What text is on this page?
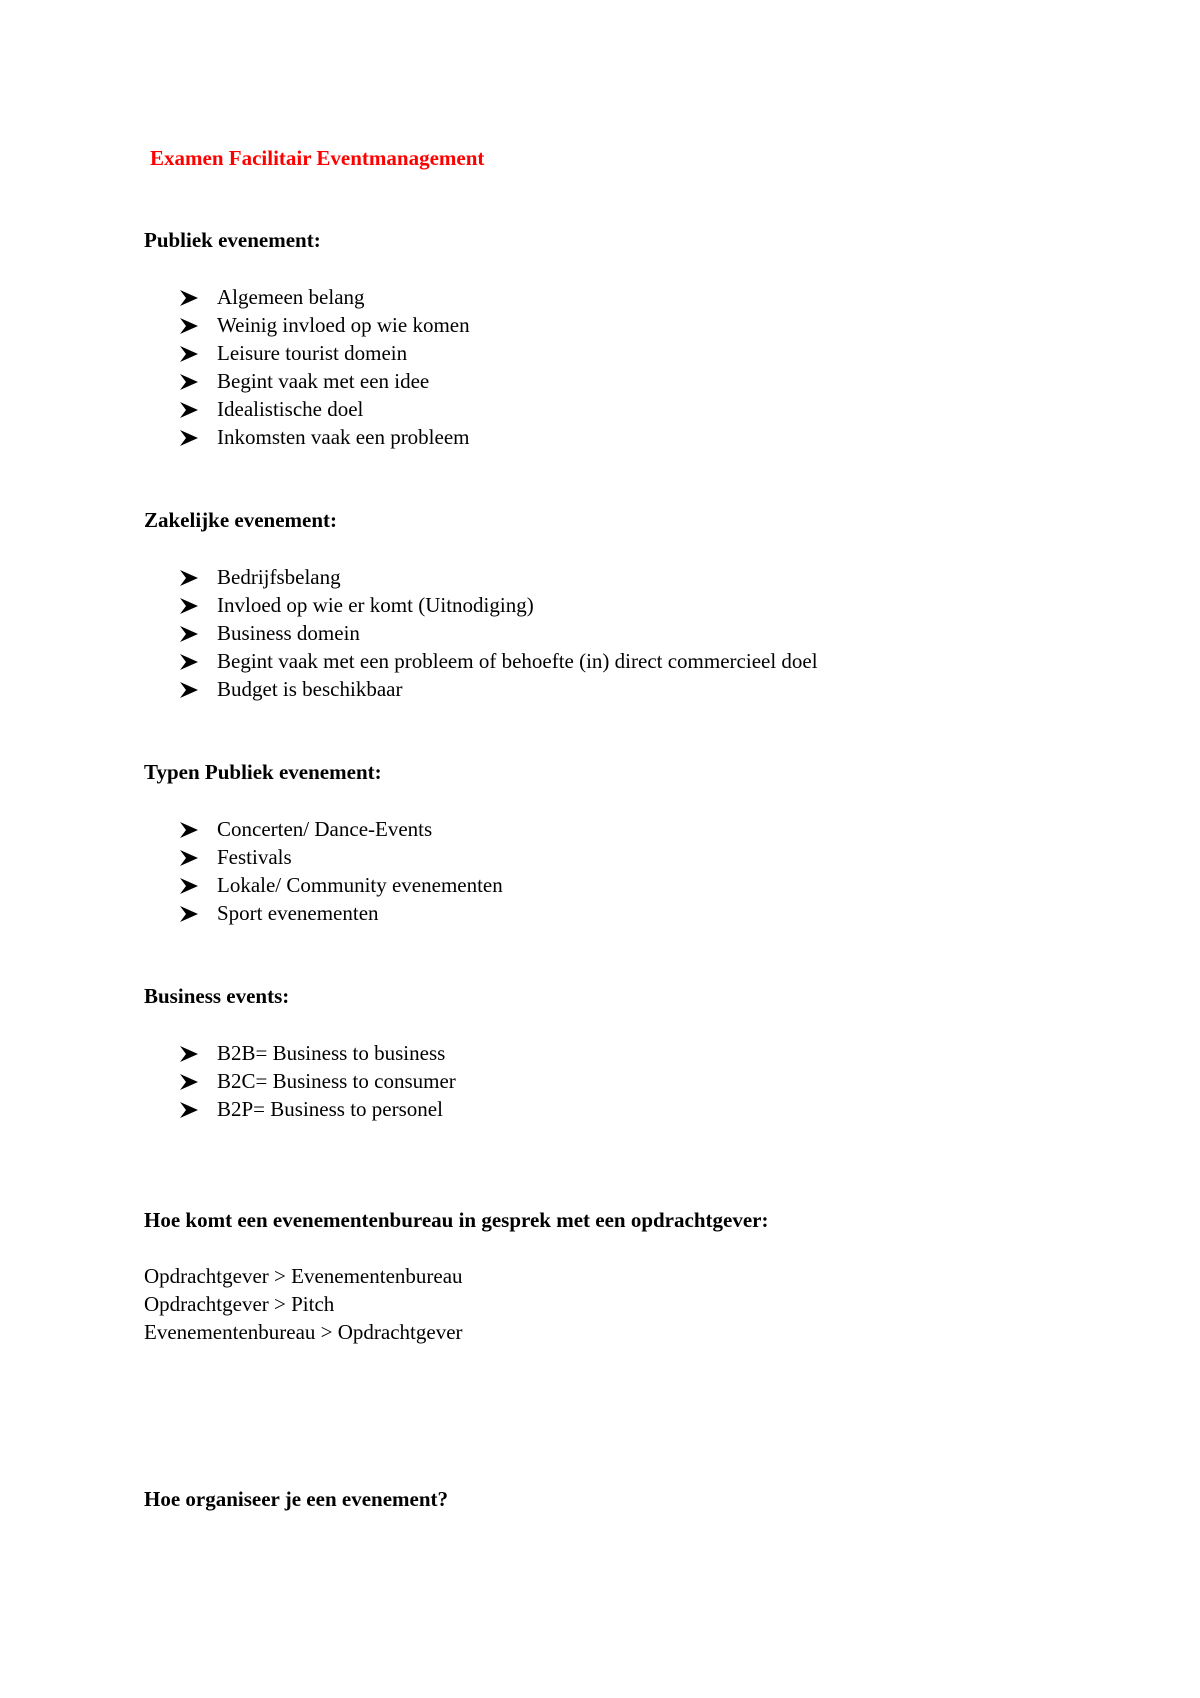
Examen Facilitair Eventmanagement
Publiek evenement:
Algemeen belang
Weinig invloed op wie komen
Leisure tourist domein
Begint vaak met een idee
Idealistische doel
Inkomsten vaak een probleem
Zakelijke evenement:
Bedrijfsbelang
Invloed op wie er komt (Uitnodiging)
Business domein
Begint vaak met een probleem of behoefte (in) direct commercieel doel
Budget is beschikbaar
Typen Publiek evenement:
Concerten/ Dance-Events
Festivals
Lokale/ Community evenementen
Sport evenementen
Business events:
B2B= Business to business
B2C= Business to consumer
B2P= Business to personel
Hoe komt een evenementenbureau in gesprek met een opdrachtgever:
Opdrachtgever > Evenementenbureau
Opdrachtgever > Pitch
Evenementenbureau > Opdrachtgever
Hoe organiseer je een evenement?
